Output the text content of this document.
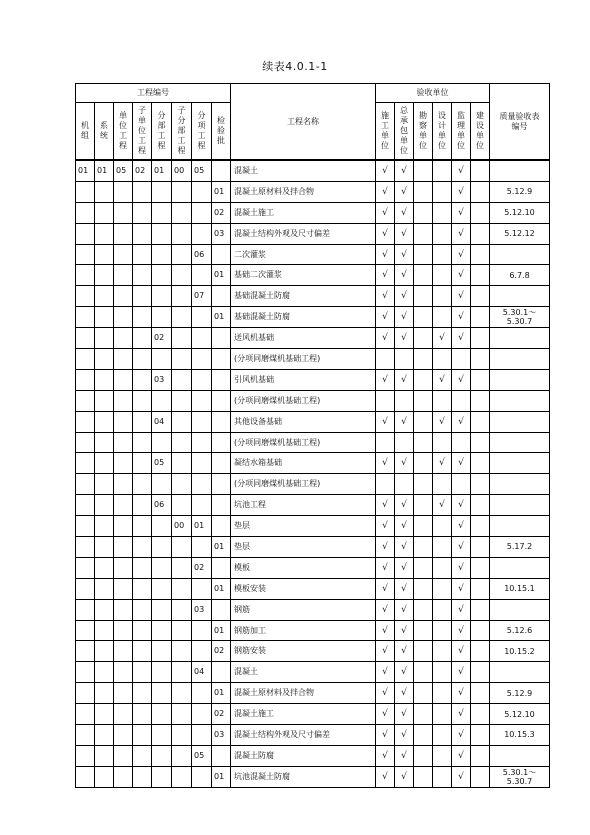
续表4.0.1-1
工程编号								工程名称	验收单位						质量验收表编号
机组	系统	单位工程	子单位工程	分部工程	子分部工程	分项工程	检验批		施工单位	总承包单位	勘察单位	设计单位	监理单位	建设单位	
01	01	05	02	01	00	05		混凝土	√	√			√		
							01	混凝土原材料及拌合物	√	√			√		5.12.9
							02	混凝土施工	√	√			√		5.12.10
							03	混凝土结构外观及尺寸偏差	√	√			√		5.12.12
						06		二次灌浆	√	√			√		
							01	基础二次灌浆	√	√			√		6.7.8
						07		基础混凝土防腐	√	√			√		
							01	基础混凝土防腐	√	√			√		5.30.1～
5.30.7
				02				送风机基础	√	√		√	√		
								(分项同磨煤机基础工程)							
				03				引风机基础	√	√		√	√		
								(分项同磨煤机基础工程)							
				04				其他设备基础	√	√		√	√		
								(分项同磨煤机基础工程)							
				05				凝结水箱基础	√	√		√	√		
								(分项同磨煤机基础工程)							
				06				坑池工程	√	√		√	√		
					00	01		垫层	√	√			√		
							01	垫层	√	√			√		5.17.2
						02		模板	√	√			√		
							01	模板安装	√	√			√		10.15.1
						03		钢筋	√	√			√		
							01	钢筋加工	√	√			√		5.12.6
							02	钢筋安装	√	√			√		10.15.2
						04		混凝土	√	√			√		
							01	混凝土原材料及拌合物	√	√			√		5.12.9
							02	混凝土施工	√	√			√		5.12.10
							03	混凝土结构外观及尺寸偏差	√	√			√		10.15.3
						05		混凝土防腐	√	√			√		
							01	坑池混凝土防腐	√	√			√		5.30.1～
5.30.7
